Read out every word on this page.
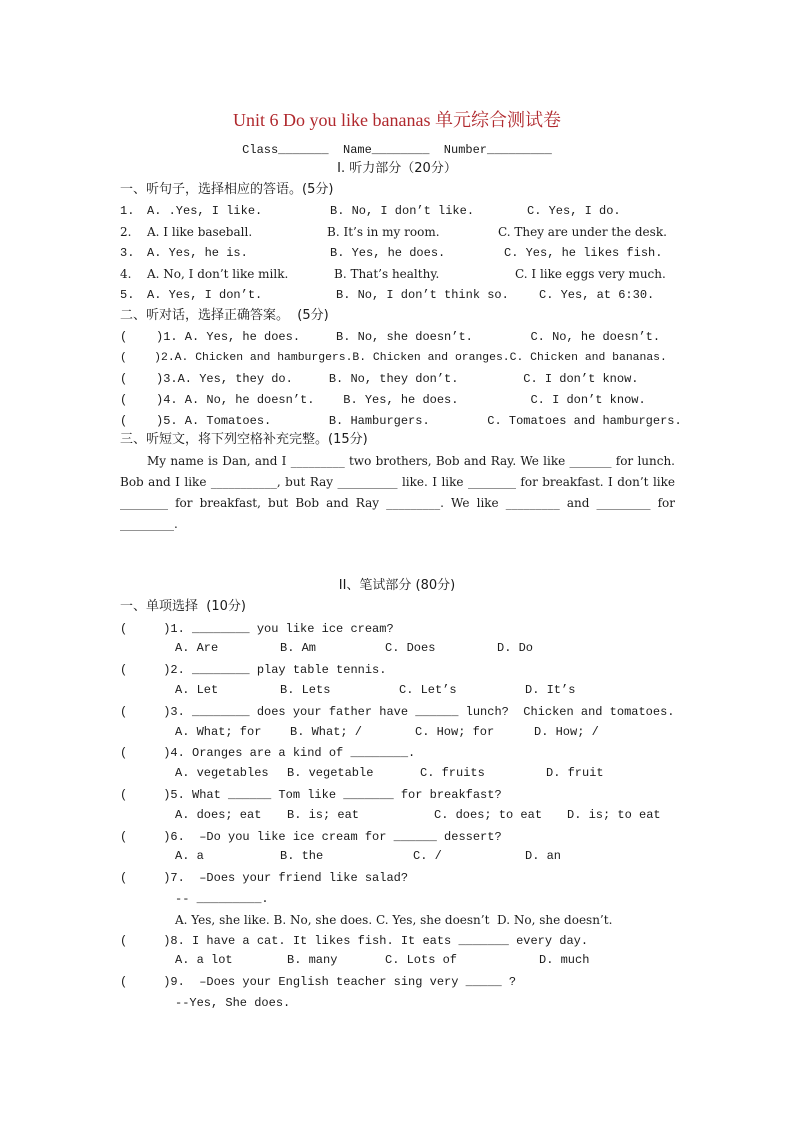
Unit 6 Do you like bananas 单元综合测试卷
Class_______  Name________  Number_________
I. 听力部分（20分）
一、听句子，选择相应的答语。(5分)

1.

A. .Yes, I like.

	B. No, I don’t like.

	C. Yes, I do.

2.

A. I like baseball.

	B. It’s in my room.

	C. They are under the desk.

3.

A. Yes, he is.

	B. Yes, he does.

	C. Yes, he likes fish.

4.

A. No, I don’t like milk.

	B. That’s healthy.

	C. I like eggs very much.

5.

A. Yes, I don’t.

	B. No, I don’t think so.

	C. Yes, at 6:30.

二、听对话，选择正确答案。  (5分)
(    )1. A. Yes, he does.     B. No, she doesn’t.        C. No, he doesn’t.
(    )2.A. Chicken and hamburgers.B. Chicken and oranges.C. Chicken and bananas.
(    )3.A. Yes, they do.     B. No, they don’t.         C. I don’t know.
(    )4. A. No, he doesn’t.    B. Yes, he does.          C. I don’t know.
(    )5. A. Tomatoes.        B. Hamburgers.        C. Tomatoes and hamburgers.
三、听短文，将下列空格补充完整。(15分)
My name is Dan, and I _________ two brothers, Bob and Ray. We like _______ for lunch. Bob and I like ___________, but Ray __________ like. I like ________ for breakfast. I don’t like ________ for breakfast, but Bob and Ray _________. We like _________ and _________ for _________.
II、笔试部分 (80分)
一、单项选择  (10分)
(     )1. ________ you like ice cream?

A. Are

	B. Am

	C. Does

	D. Do

(     )2. ________ play table tennis.

A. Let

	B. Lets

	C. Let’s

	D. It’s

(     )3. ________ does your father have ______ lunch?  Chicken and tomatoes.

A. What; for

B. What; /

	C. How; for

	D. How; /

(     )4. Oranges are a kind of ________.

A. vegetables

B. vegetable

	C. fruits

	D. fruit

(     )5. What ______ Tom like _______ for breakfast?

A. does; eat

B. is; eat

	C. does; to eat

D. is; to eat

(     )6.  –Do you like ice cream for ______ dessert?

A. a

	B. the

	C. /

	D. an

(     )7.  –Does your friend like salad?
-- _________.
A. Yes, she like. B. No, she does. C. Yes, she doesn’t  D. No, she doesn’t.
(     )8. I have a cat. It likes fish. It eats _______ every day.

A. a lot

	B. many

	C. Lots of

	D. much

(     )9.  –Does your English teacher sing very _____ ?
--Yes, She does.
